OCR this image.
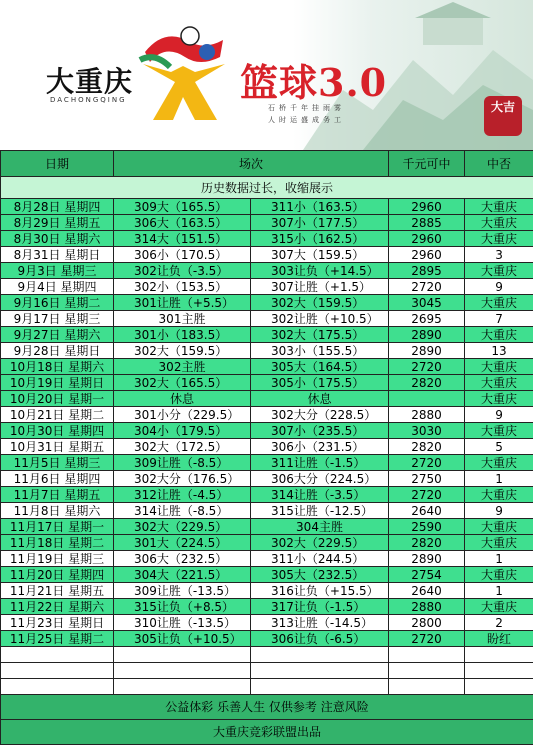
大重庆
DACHONGQING	篮球3.0
石桥千年挂雨雾
人时运盛成务工
大吉
日期	场次		千元可中	中否
历史数据过长，收缩展示				
8月28日 星期四	309大（165.5）	311小（163.5）	2960	大重庆
8月29日 星期五	306大（163.5）	307小（177.5）	2885	大重庆
8月30日 星期六	314大（151.5）	315小（162.5）	2960	大重庆
8月31日 星期日	306小（170.5）	307大（159.5）	2960	3
9月3日 星期三	302让负（-3.5）	303让负（+14.5）	2895	大重庆
9月4日 星期四	302小（153.5）	307让胜（+1.5）	2720	9
9月16日 星期二	301让胜（+5.5）	302大（159.5）	3045	大重庆
9月17日 星期三	301主胜	302让胜（+10.5）	2695	7
9月27日 星期六	301小（183.5）	302大（175.5）	2890	大重庆
9月28日 星期日	302大（159.5）	303小（155.5）	2890	13
10月18日 星期六	302主胜	305大（164.5）	2720	大重庆
10月19日 星期日	302大（165.5）	305小（175.5）	2820	大重庆
10月20日 星期一	休息	休息		大重庆
10月21日 星期二	301小分（229.5）	302大分（228.5）	2880	9
10月30日 星期四	304小（179.5）	307小（235.5）	3030	大重庆
10月31日 星期五	302大（172.5）	306小（231.5）	2820	5
11月5日 星期三	309让胜（-8.5）	311让胜（-1.5）	2720	大重庆
11月6日 星期四	302大分（176.5）	306大分（224.5）	2750	1
11月7日 星期五	312让胜（-4.5）	314让胜（-3.5）	2720	大重庆
11月8日 星期六	314让胜（-8.5）	315让胜（-12.5）	2640	9
11月17日 星期一	302大（229.5）	304主胜	2590	大重庆
11月18日 星期二	301大（224.5）	302大（229.5）	2820	大重庆
11月19日 星期三	306大（232.5）	311小（244.5）	2890	1
11月20日 星期四	304大（221.5）	305大（232.5）	2754	大重庆
11月21日 星期五	309让胜（-13.5）	316让负（+15.5）	2640	1
11月22日 星期六	315让负（+8.5）	317让负（-1.5）	2880	大重庆
11月23日 星期日	310让胜（-13.5）	313让胜（-14.5）	2800	2
11月25日 星期二	305让负（+10.5）	306让负（-6.5）	2720	盼红

公益体彩 乐善人生 仅供参考 注意风险				
大重庆竞彩联盟出品				
